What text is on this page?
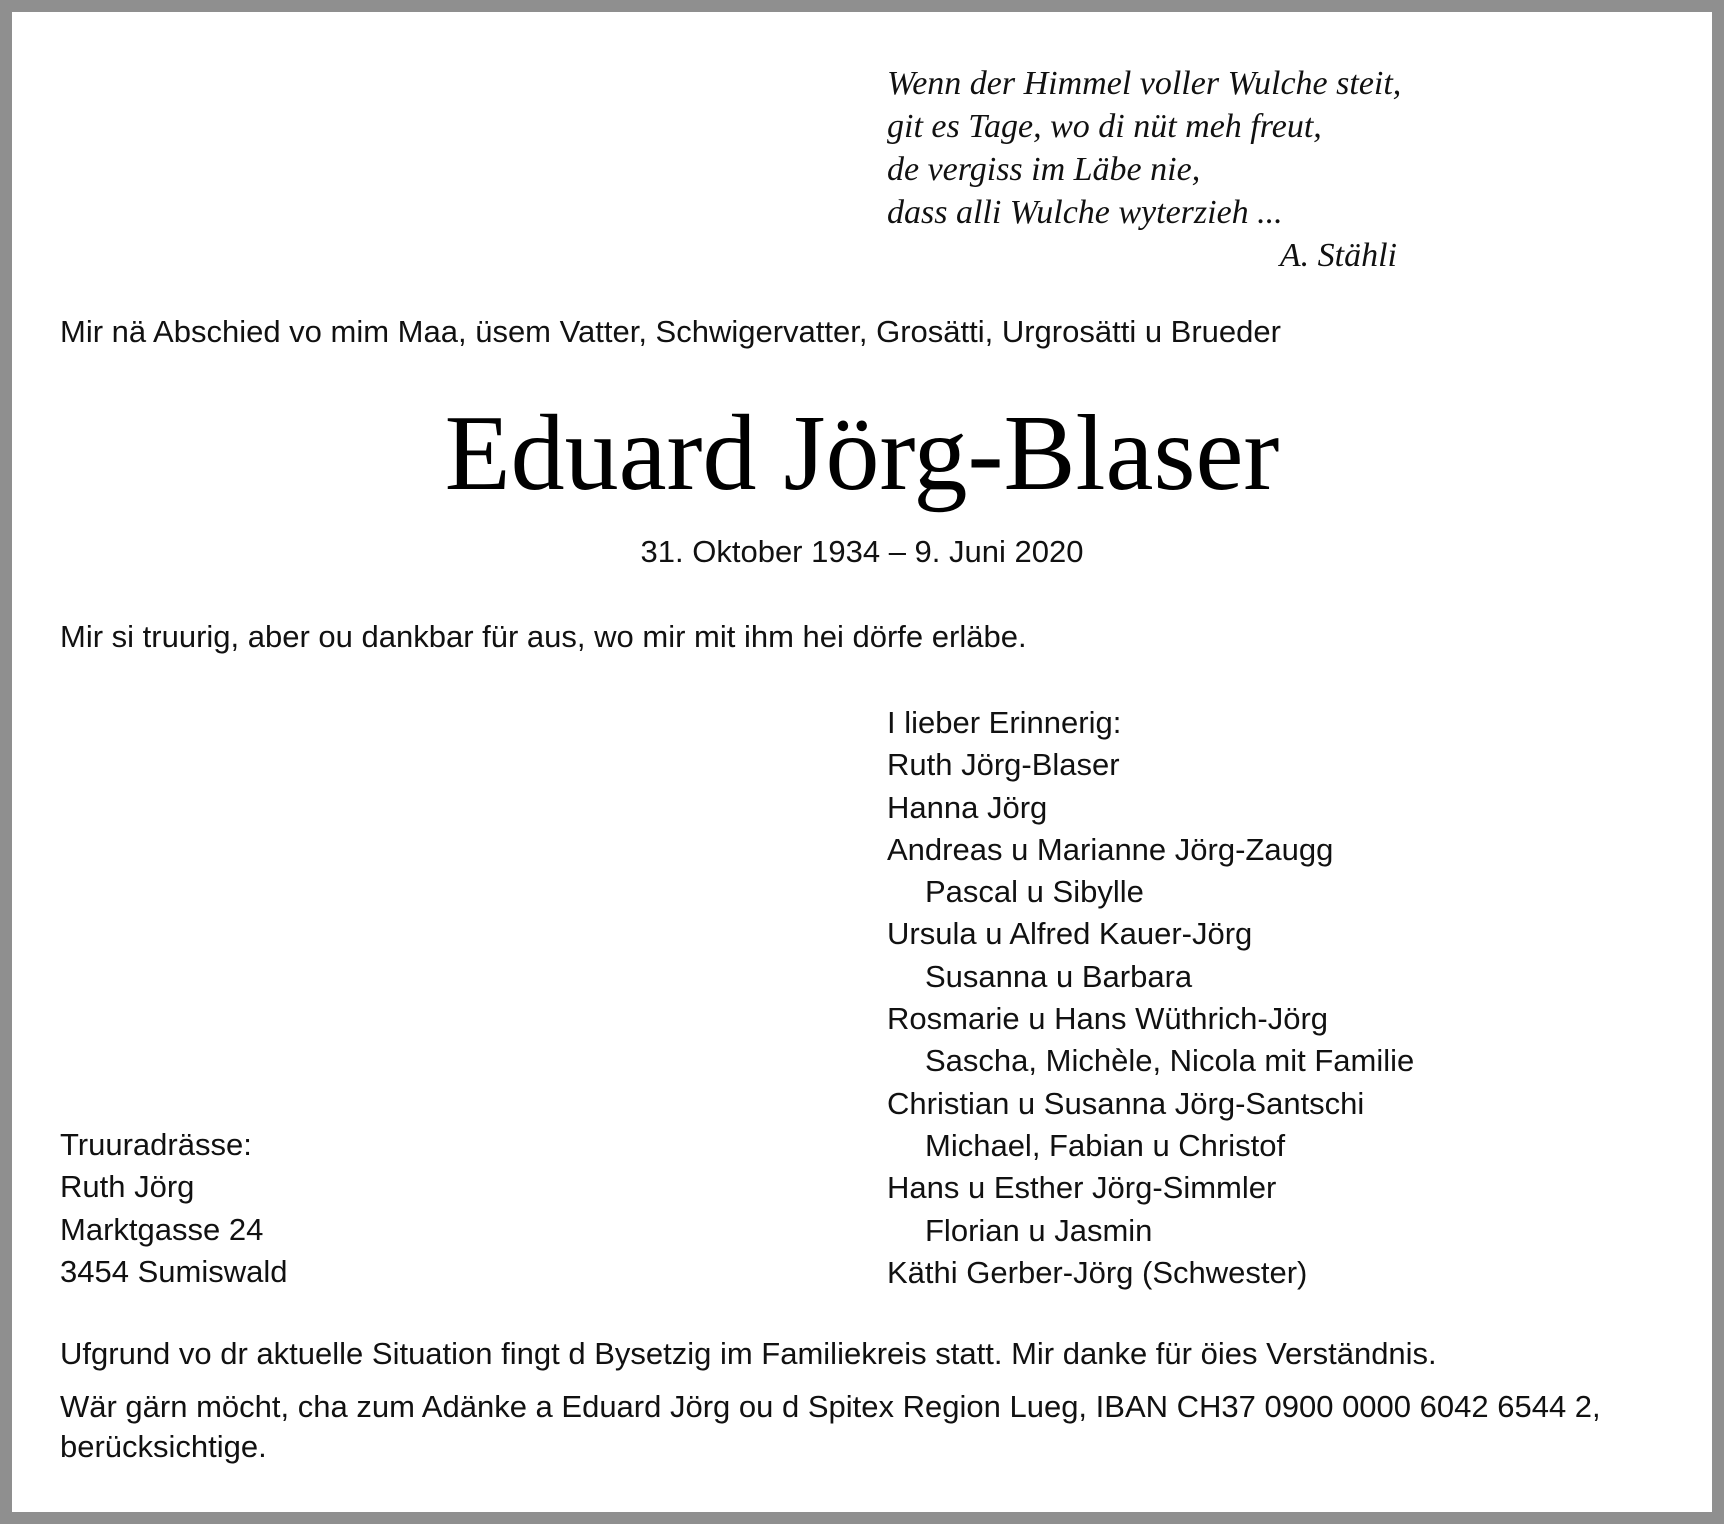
Wenn der Himmel voller Wulche steit,
git es Tage, wo di nüt meh freut,
de vergiss im Läbe nie,
dass alli Wulche wyterzieh ...
A. Stähli
Mir nä Abschied vo mim Maa, üsem Vatter, Schwigervatter, Grosätti, Urgrosätti u Brueder
Eduard Jörg-Blaser
31. Oktober 1934 – 9. Juni 2020
Mir si truurig, aber ou dankbar für aus, wo mir mit ihm hei dörfe erläbe.
I lieber Erinnerig:
Ruth Jörg-Blaser
Hanna Jörg
Andreas u Marianne Jörg-Zaugg
Pascal u Sibylle
Ursula u Alfred Kauer-Jörg
Susanna u Barbara
Rosmarie u Hans Wüthrich-Jörg
Sascha, Michèle, Nicola mit Familie
Christian u Susanna Jörg-Santschi
Michael, Fabian u Christof
Hans u Esther Jörg-Simmler
Florian u Jasmin
Käthi Gerber-Jörg (Schwester)
Truuradrässe:
Ruth Jörg
Marktgasse 24
3454 Sumiswald
Ufgrund vo dr aktuelle Situation fingt d Bysetzig im Familiekreis statt. Mir danke für öies Verständnis.
Wär gärn möcht, cha zum Adänke a Eduard Jörg ou d Spitex Region Lueg, IBAN CH37 0900 0000 6042 6544 2, berücksichtige.
